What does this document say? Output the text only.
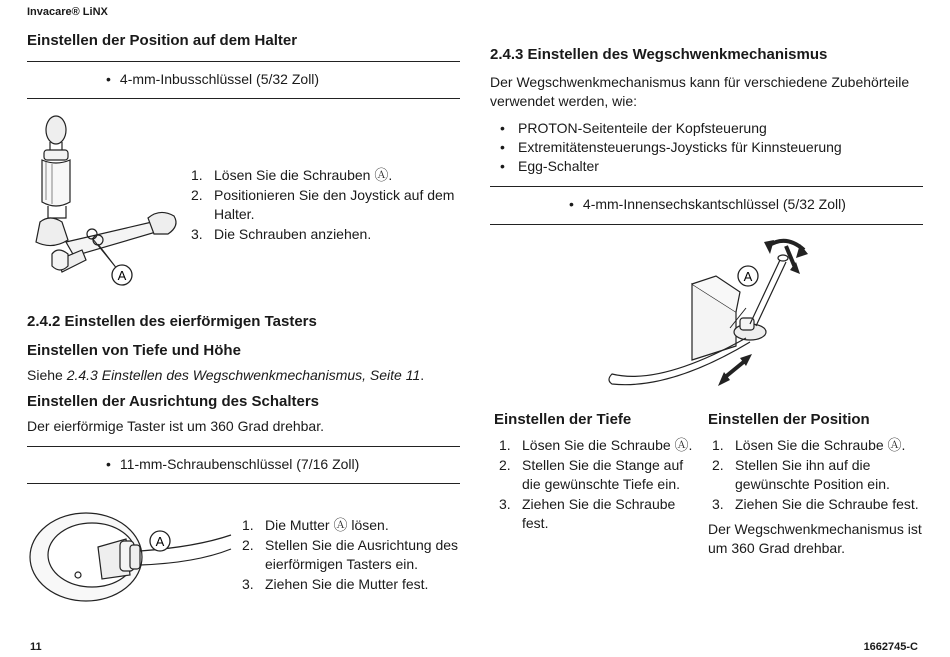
Invacare® LiNX
Einstellen der Position auf dem Halter
• 4-mm-Inbusschlüssel (5/32 Zoll)
A
1. Lösen Sie die Schrauben Ⓐ.
2. Positionieren Sie den Joystick auf dem Halter.
3. Die Schrauben anziehen.
2.4.2 Einstellen des eierförmigen Tasters
Einstellen von Tiefe und Höhe
Siehe 2.4.3 Einstellen des Wegschwenkmechanismus, Seite 11.
Einstellen der Ausrichtung des Schalters
Der eierförmige Taster ist um 360 Grad drehbar.
• 11-mm-Schraubenschlüssel (7/16 Zoll)
A
1. Die Mutter Ⓐ lösen.
2. Stellen Sie die Ausrichtung des eierförmigen Tasters ein.
3. Ziehen Sie die Mutter fest.
2.4.3 Einstellen des Wegschwenkmechanismus
Der Wegschwenkmechanismus kann für verschiedene Zubehörteile verwendet werden, wie:
• PROTON-Seitenteile der Kopfsteuerung
• Extremitätensteuerungs-Joysticks für Kinnsteuerung
• Egg-Schalter
• 4-mm-Innensechskantschlüssel (5/32 Zoll)
A
Einstellen der Tiefe
1. Lösen Sie die Schraube Ⓐ.
2. Stellen Sie die Stange auf die gewünschte Tiefe ein.
3. Ziehen Sie die Schraube fest.
Einstellen der Position
1. Lösen Sie die Schraube Ⓐ.
2. Stellen Sie ihn auf die gewünschte Position ein.
3. Ziehen Sie die Schraube fest.
Der Wegschwenkmechanismus ist um 360 Grad drehbar.
11	1662745-C
